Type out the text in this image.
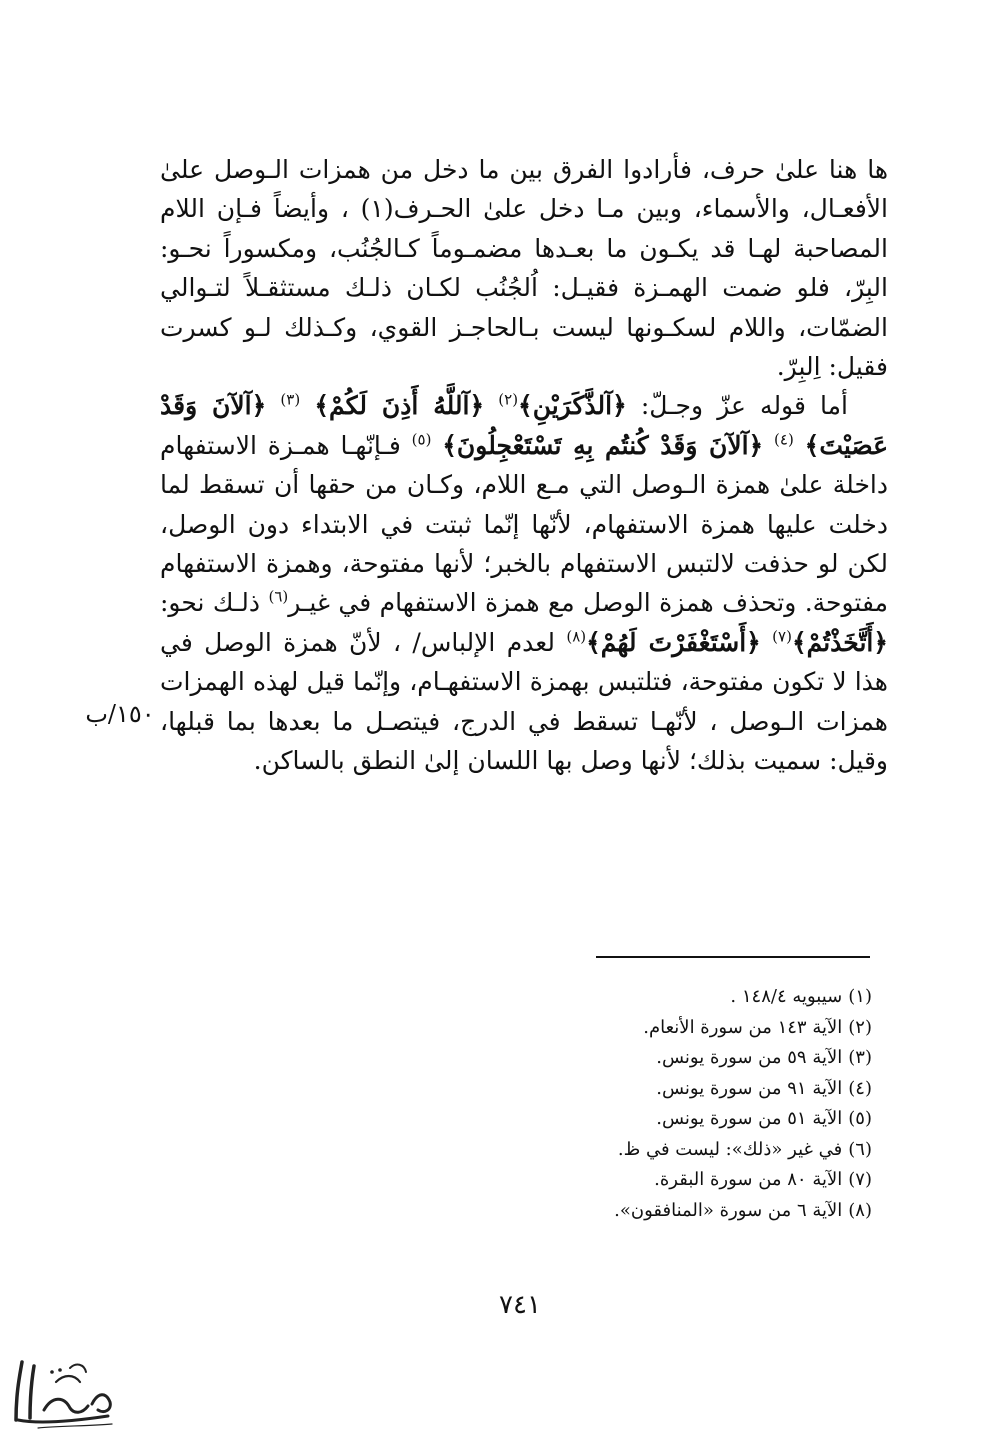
ها هنا علىٰ حرف، فأرادوا الفرق بين ما دخل من همزات الـوصل علىٰ الأفعـال، والأسماء، وبين مـا دخل علىٰ الحـرف(١) ، وأيضاً فـإن اللام المصاحبة لهـا قد يكـون ما بعـدها مضمـوماً كـالجُنُب، ومكسوراً نحـو: البِرّ، فلو ضمت الهمـزة فقيـل: اُلجُنُب لكـان ذلـك مستثقـلاً لتـوالي الضمّات، واللام لسكـونها ليست بـالحاجـز القوي، وكـذلك لـو كسرت فقيل: اِلبِرّ.

أما قوله عزّ وجـلّ: ﴿آلذَّكَرَيْنِ﴾$^{(٢)}$ ﴿آللَّهُ أَذِنَ لَكُمْ﴾ $^{(٣)}$ ﴿آلآنَ وَقَدْ عَصَيْتَ﴾ $^{(٤)}$ ﴿آلآنَ وَقَدْ كُنتُم بِهِ تَسْتَعْجِلُونَ﴾ $^{(٥)}$ فـإنّهـا همـزة الاستفهام داخلة علىٰ همزة الـوصل التي مـع اللام، وكـان من حقها أن تسقط لما دخلت عليها همزة الاستفهام، لأنّها إنّما ثبتت في الابتداء دون الوصل، لكن لو حذفت لالتبس الاستفهام بالخبر؛ لأنها مفتوحة، وهمزة الاستفهام مفتوحة. وتحذف همزة الوصل مع همزة الاستفهام في غيـر$^{(٦)}$ ذلـك نحو: ﴿أَتَّخَذْتُمْ﴾$^{(٧)}$ ﴿أَسْتَغْفَرْتَ لَهُمْ﴾$^{(٨)}$ لعدم الإلباس/ ، لأنّ همزة الوصل في هذا لا تكون مفتوحة، فتلتبس بهمزة الاستفهـام، وإنّما قيل لهذه الهمزات همزات الـوصل ، لأنّهـا تسقط في الدرج، فيتصـل ما بعدها بما قبلها، وقيل: سميت بذلك؛ لأنها وصل بها اللسان إلىٰ النطق بالساكن.

١٥٠/ب
(١)سيبويه ١٤٨/٤ .
(٢)الآية ١٤٣ من سورة الأنعام.
(٣)الآية ٥٩ من سورة يونس.
(٤)الآية ٩١ من سورة يونس.
(٥)الآية ٥١ من سورة يونس.
(٦)في غير «ذلك»: ليست في ظ.
(٧)الآية ٨٠ من سورة البقرة.
(٨)الآية ٦ من سورة «المنافقون».
٧٤١
